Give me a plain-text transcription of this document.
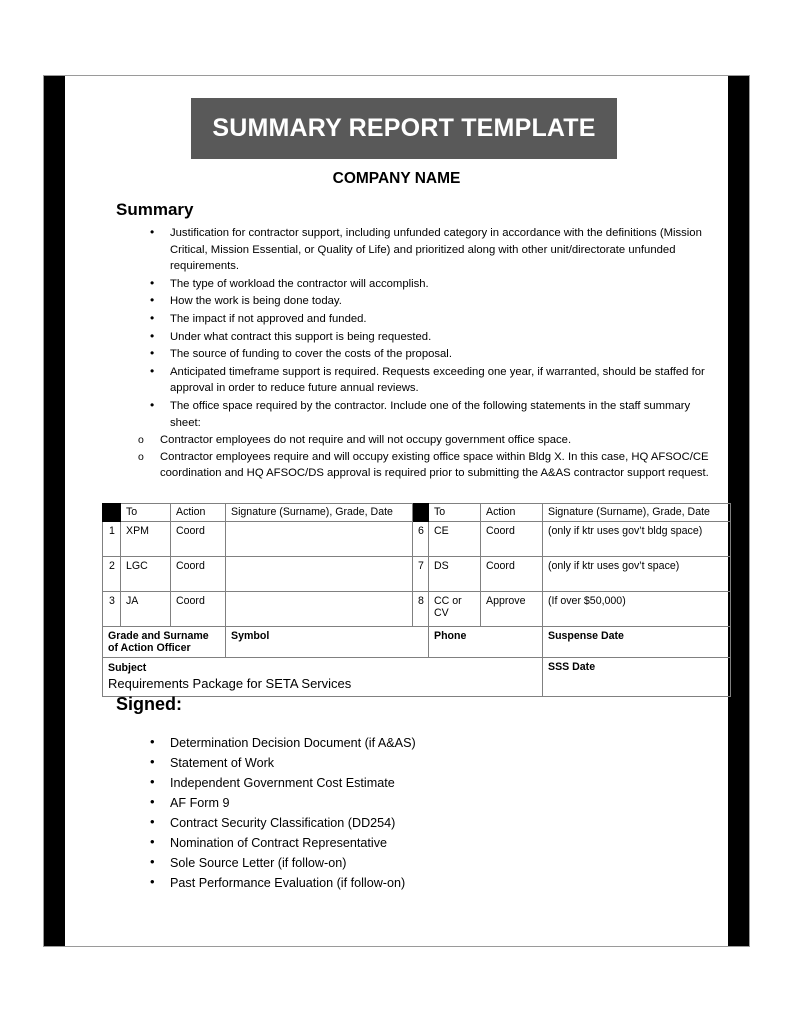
SUMMARY REPORT TEMPLATE
COMPANY NAME
Summary
• Justification for contractor support, including unfunded category in accordance with the definitions (Mission Critical, Mission Essential, or Quality of Life) and prioritized along with other unit/directorate unfunded requirements.
• The type of workload the contractor will accomplish.
• How the work is being done today.
• The impact if not approved and funded.
• Under what contract this support is being requested.
• The source of funding to cover the costs of the proposal.
• Anticipated timeframe support is required. Requests exceeding one year, if warranted, should be staffed for approval in order to reduce future annual reviews.
• The office space required by the contractor. Include one of the following statements in the staff summary sheet:
o Contractor employees do not require and will not occupy government office space.
o Contractor employees require and will occupy existing office space within Bldg X. In this case, HQ AFSOC/CE coordination and HQ AFSOC/DS approval is required prior to submitting the A&AS contractor support request.
	To	Action	Signature (Surname), Grade, Date		To	Action	Signature (Surname), Grade, Date
1	XPM	Coord		6	CE	Coord	(only if ktr uses gov’t bldg space)
2	LGC	Coord		7	DS	Coord	(only if ktr uses gov’t space)
3	JA	Coord		8	CC or CV	Approve	(If over $50,000)
Grade and Surname of Action Officer			Symbol		Phone		Suspense Date

Subject
Requirements Package for SETA Services							SSS Date
Signed:
• Determination Decision Document (if A&AS)
• Statement of Work
• Independent Government Cost Estimate
• AF Form 9
• Contract Security Classification (DD254)
• Nomination of Contract Representative
• Sole Source Letter (if follow-on)
• Past Performance Evaluation (if follow-on)
